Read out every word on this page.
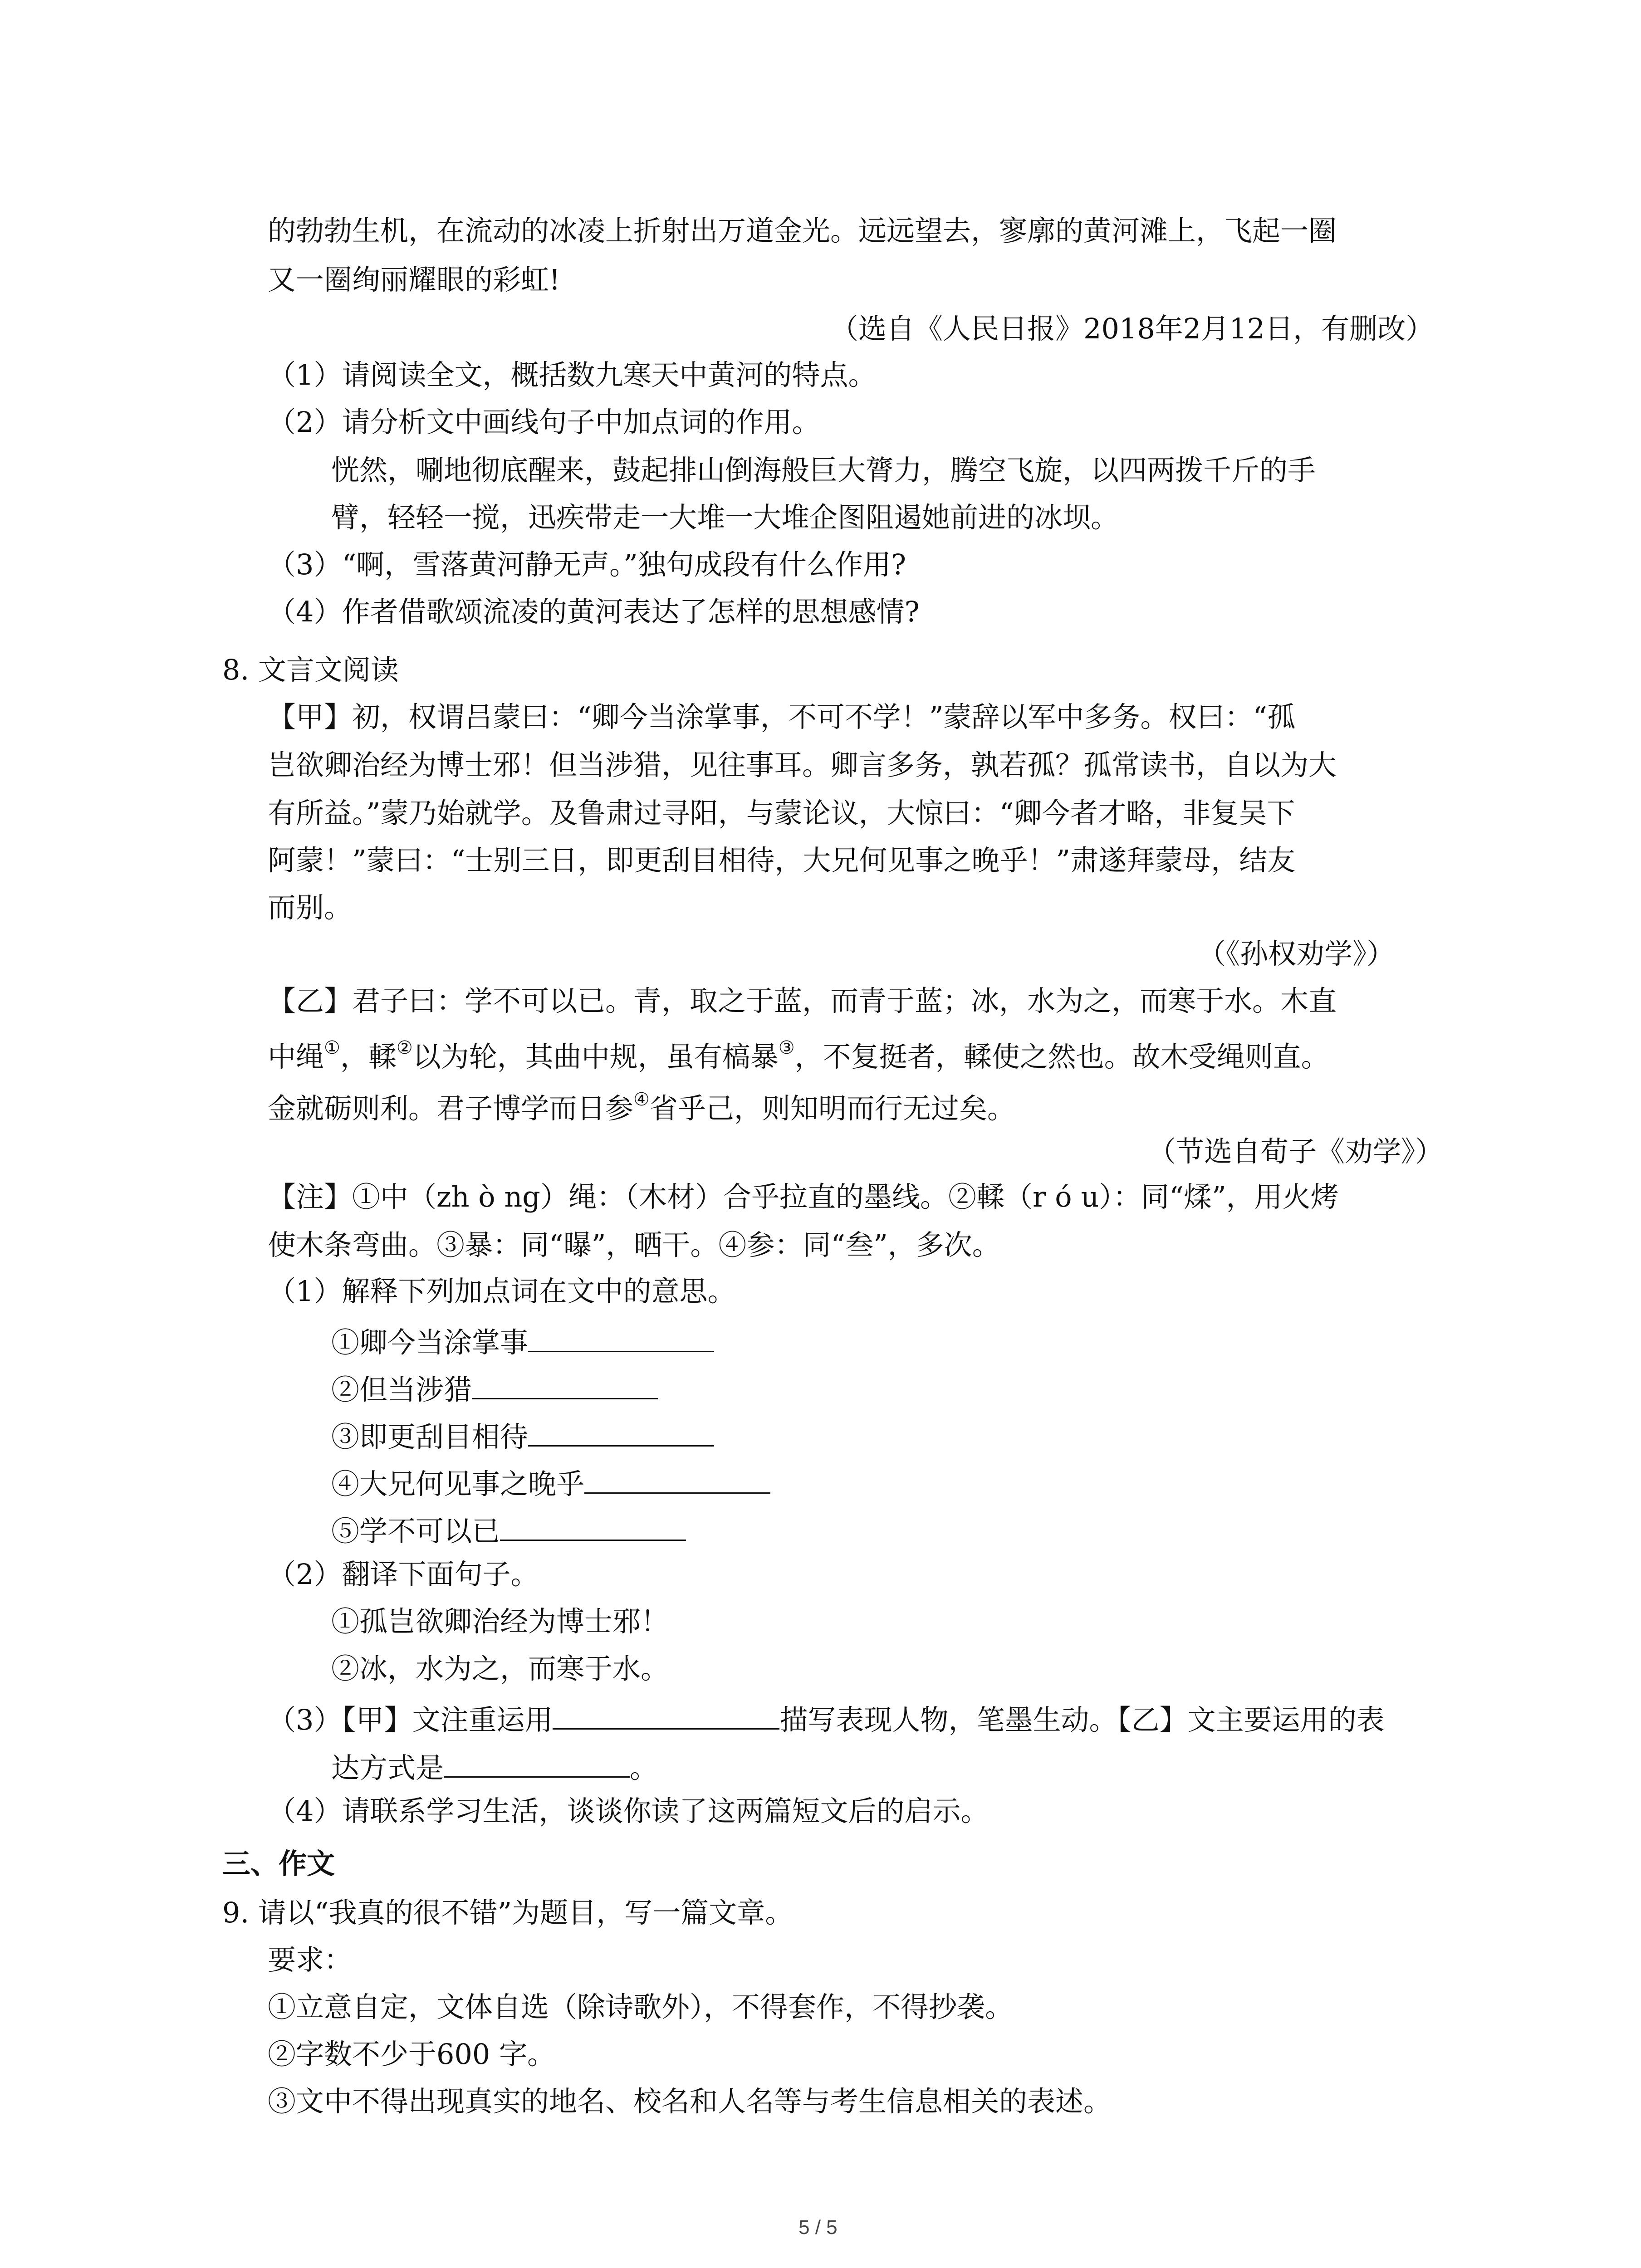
的勃勃生机，在流动的冰凌上折射出万道金光。远远望去，寥廓的黄河滩上，飞起一圈
又一圈绚丽耀眼的彩虹!
（选自《人民日报》2018年2月12日，有删改）
（1）请阅读全文，概括数九寒天中黄河的特点。
（2）请分析文中画线句子中加点词的作用。
恍然，唰地彻底醒来，鼓起排山倒海般巨大膂力，腾空飞旋，以四两拨千斤的手
臂，轻轻一搅，迅疾带走一大堆一大堆企图阻遏她前进的冰坝。
（3）“啊，雪落黄河静无声。”独句成段有什么作用?
（4）作者借歌颂流凌的黄河表达了怎样的思想感情?
8. 文言文阅读
【甲】初，权谓吕蒙曰：“卿今当涂掌事，不可不学！”蒙辞以军中多务。权曰：“孤
岂欲卿治经为博士邪！但当涉猎，见往事耳。卿言多务，孰若孤？孤常读书，自以为大
有所益。”蒙乃始就学。及鲁肃过寻阳，与蒙论议，大惊曰：“卿今者才略，非复吴下
阿蒙！”蒙曰：“士别三日，即更刮目相待，大兄何见事之晚乎！”肃遂拜蒙母，结友
而别。
（《孙权劝学》）
【乙】君子曰：学不可以已。青，取之于蓝，而青于蓝；冰，水为之，而寒于水。木直
中绳①，輮②以为轮，其曲中规，虽有槁暴③，不复挺者，輮使之然也。故木受绳则直。
金就砺则利。君子博学而日参④省乎己，则知明而行无过矣。
（节选自荀子《劝学》）
【注】①中（zh ò ng）绳：（木材）合乎拉直的墨线。②輮（r ó u）：同“煣”，用火烤
使木条弯曲。③暴：同“曝”，晒干。④参：同“叁”，多次。
（1）解释下列加点词在文中的意思。
①卿今当涂掌事
②但当涉猎
③即更刮目相待
④大兄何见事之晚乎
⑤学不可以已
（2）翻译下面句子。
①孤岂欲卿治经为博士邪！
②冰，水为之，而寒于水。
（3）【甲】文注重运用	描写表现人物，笔墨生动。【乙】文主要运用的表
达方式是	。
（4）请联系学习生活，谈谈你读了这两篇短文后的启示。
三、作文
9. 请以“我真的很不错”为题目，写一篇文章。
要求：
①立意自定，文体自选（除诗歌外），不得套作，不得抄袭。
②字数不少于600 字。
③文中不得出现真实的地名、校名和人名等与考生信息相关的表述。
5 / 5
